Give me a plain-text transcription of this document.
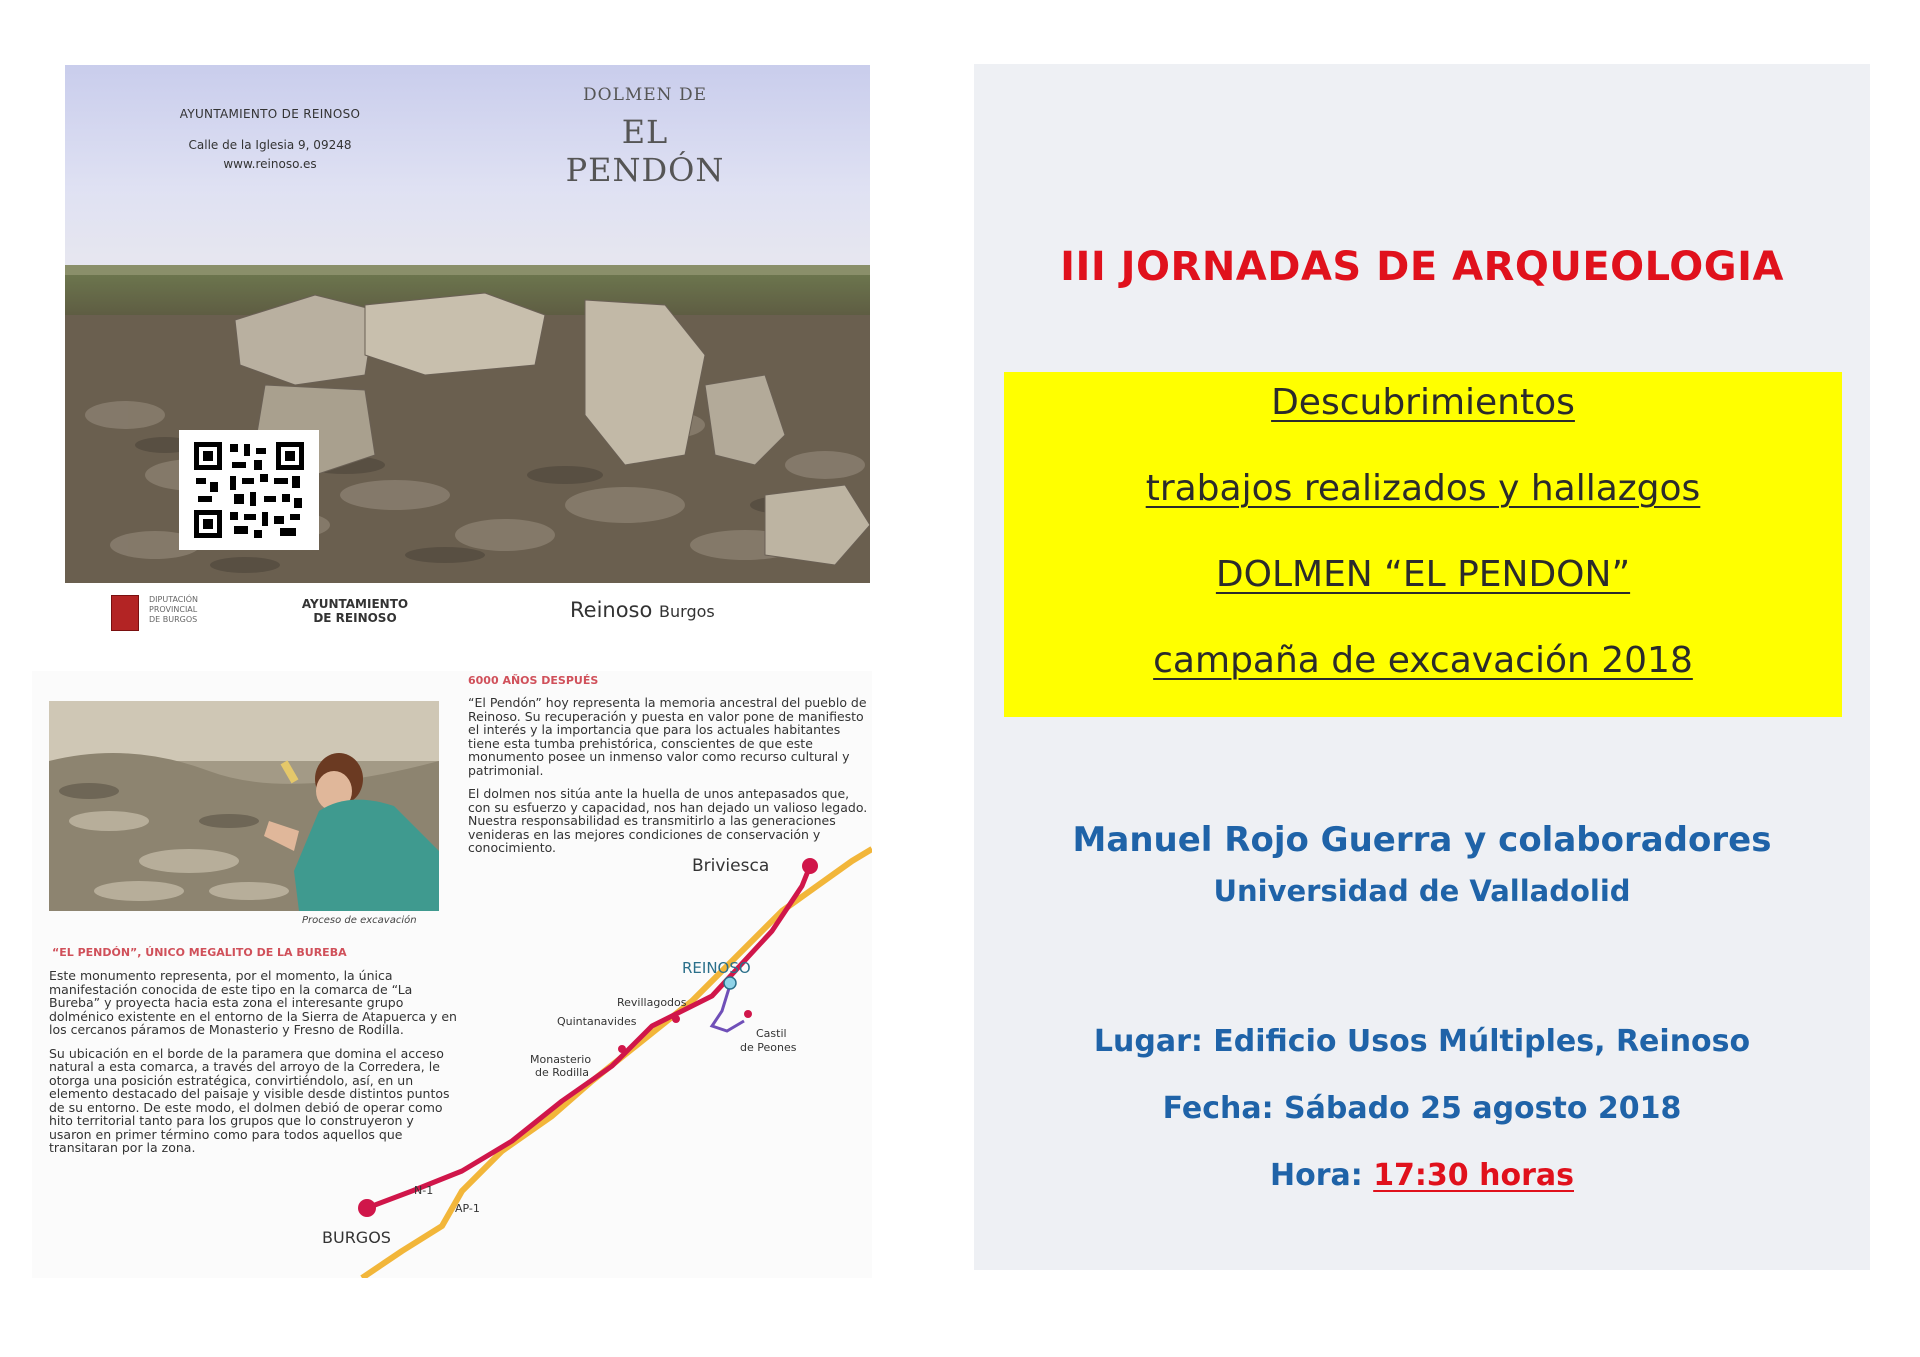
AYUNTAMIENTO DE REINOSO
Calle de la Iglesia 9, 09248
www.reinoso.es
DOLMEN DE
EL
PENDÓN
DIPUTACIÓN
PROVINCIAL
DE BURGOS
AYUNTAMIENTO
DE REINOSO	Reinoso Burgos
Proceso de excavación
6000 AÑOS DESPUÉS

“El Pendón” hoy representa la memoria ancestral del pueblo de Reinoso. Su recuperación y puesta en valor pone de manifiesto el interés y la importancia que para los actuales habitantes tiene esta tumba prehistórica, conscientes de que este monumento posee un inmenso valor como recurso cultural y patrimonial.

El dolmen nos sitúa ante la huella de unos antepasados que, con su esfuerzo y capacidad, nos han dejado un valioso legado. Nuestra responsabilidad es transmitirlo a las generaciones venideras en las mejores condiciones de conservación y conocimiento.

“EL PENDÓN”, ÚNICO MEGALITO DE LA BUREBA

Este monumento representa, por el momento, la única manifestación conocida de este tipo en la comarca de “La Bureba” y proyecta hacia esta zona el interesante grupo dolménico existente en el entorno de la Sierra de Atapuerca y en los cercanos páramos de Monasterio y Fresno de Rodilla.

Su ubicación en el borde de la paramera que domina el acceso natural a esta comarca, a través del arroyo de la Corredera, le otorga una posición estratégica, convirtiéndolo, así, en un elemento destacado del paisaje y visible desde distintos puntos de su entorno. De este modo, el dolmen debió de operar como hito territorial tanto para los grupos que lo construyeron y usaron en primer término como para todos aquellos que transitaran por la zona.

Briviesca
REINOSO
Revillagodos
Quintanavides
Castil
de Peones
Monasterio
de Rodilla
N-1
AP-1
BURGOS
III JORNADAS DE ARQUEOLOGIA
Descubrimientos
trabajos realizados y hallazgos
DOLMEN “EL PENDON”
campaña de excavación 2018
Manuel Rojo Guerra y colaboradores
Universidad de Valladolid
Lugar: Edificio Usos Múltiples, Reinoso
Fecha: Sábado 25 agosto 2018
Hora: 17:30 horas
